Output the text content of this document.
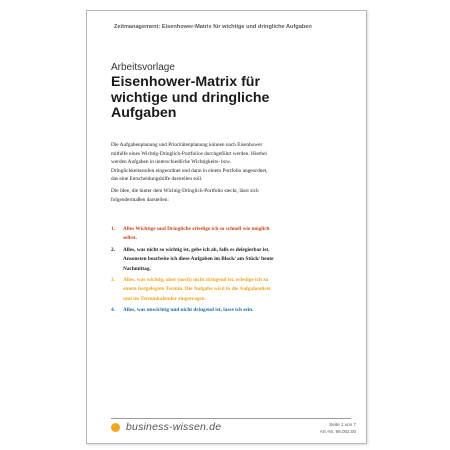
Zeitmanagement: Eisenhower-Matrix für wichtige und dringliche Aufgaben
Arbeitsvorlage
Eisenhower-Matrix für
wichtige und dringliche
Aufgaben

Die Aufgabenplanung und Prioritätenplanung können nach Eisenhower
mithilfe eines Wichtig-Dringlich-Portfolios durchgeführt werden. Hierbei
werden Aufgaben in unterschiedliche Wichtigkeits- bzw.
Dringlichkeitsstufen eingeordnet und dann in einem Portfolio angeordnet,
das eine Entscheidungshilfe darstellen soll.

Die Idee, die hinter dem Wichtig-Dringlich-Portfolio steckt, lässt sich
folgendermaßen darstellen:

1. Alles Wichtige und Dringliche erledige ich so schnell wie möglich
selbst.
2. Alles, was nicht so wichtig ist, gebe ich ab, falls es delegierbar ist.
Ansonsten bearbeite ich diese Aufgaben im Block/ am Stück/ heute
Nachmittag.
3. Alles, was wichtig, aber (noch) nicht dringend ist, erledige ich zu
einem festgelegten Termin. Die Aufgabe wird in die Aufgabenliste
und im Terminkalender eingetragen.
4. Alles, was unwichtig und nicht dringend ist, lasse ich sein.
business-wissen.de	Seite 1 von 7
Art.-Nr. 99.002.00
